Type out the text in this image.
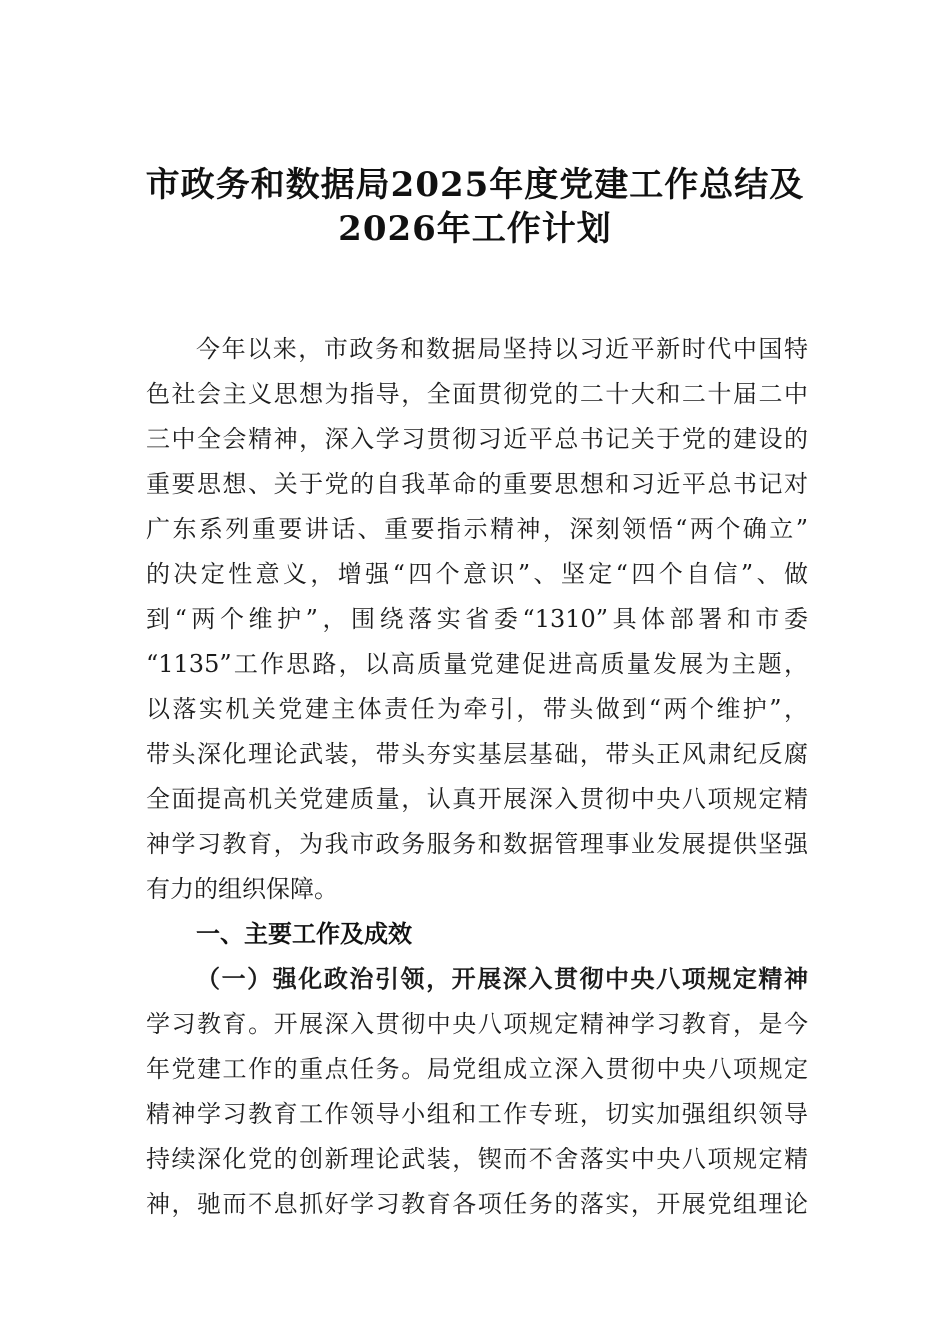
市政务和数据局2025年度党建工作总结及
2026年工作计划
今年以来，市政务和数据局坚持以习近平新时代中国特
色社会主义思想为指导，全面贯彻党的二十大和二十届二中
三中全会精神，深入学习贯彻习近平总书记关于党的建设的
重要思想、关于党的自我革命的重要思想和习近平总书记对
广东系列重要讲话、重要指示精神，深刻领悟“两个确立”
的决定性意义，增强“四个意识”、坚定“四个自信”、做
到“两个维护”，围绕落实省委“1310”具体部署和市委
“1135”工作思路，以高质量党建促进高质量发展为主题，
以落实机关党建主体责任为牵引，带头做到“两个维护”，
带头深化理论武装，带头夯实基层基础，带头正风肃纪反腐
全面提高机关党建质量，认真开展深入贯彻中央八项规定精
神学习教育，为我市政务服务和数据管理事业发展提供坚强
有力的组织保障。
一、主要工作及成效
（一）强化政治引领，开展深入贯彻中央八项规定精神
学习教育。开展深入贯彻中央八项规定精神学习教育，是今
年党建工作的重点任务。局党组成立深入贯彻中央八项规定
精神学习教育工作领导小组和工作专班，切实加强组织领导
持续深化党的创新理论武装，锲而不舍落实中央八项规定精
神，驰而不息抓好学习教育各项任务的落实，开展党组理论
